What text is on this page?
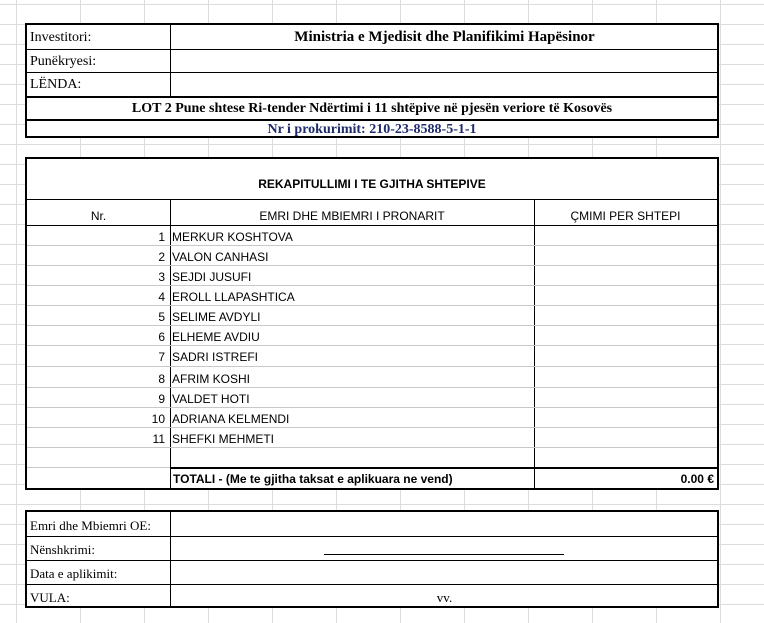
Investitori:	Ministria e Mjedisit dhe Planifikimi Hapësinor
Punëkryesi:
LËNDA:
LOT 2 Pune shtese Ri-tender Ndërtimi i 11 shtëpive në pjesën veriore të Kosovës
Nr i prokurimit: 210-23-8588-5-1-1
REKAPITULLIMI I TE GJITHA SHTEPIVE
Nr.	EMRI DHE MBIEMRI I PRONARIT	ÇMIMI PER SHTEPI
1 MERKUR KOSHTOVA
2 VALON CANHASI
3 SEJDI JUSUFI
4 EROLL LLAPASHTICA
5 SELIME AVDYLI
6 ELHEME AVDIU
7 SADRI ISTREFI
8 AFRIM KOSHI
9 VALDET HOTI
10 ADRIANA KELMENDI
11 SHEFKI MEHMETI
TOTALI - (Me te gjitha taksat e aplikuara ne vend)	0.00 €
Emri dhe Mbiemri OE:
Nënshkrimi:
Data e aplikimit:
VULA:	vv.
